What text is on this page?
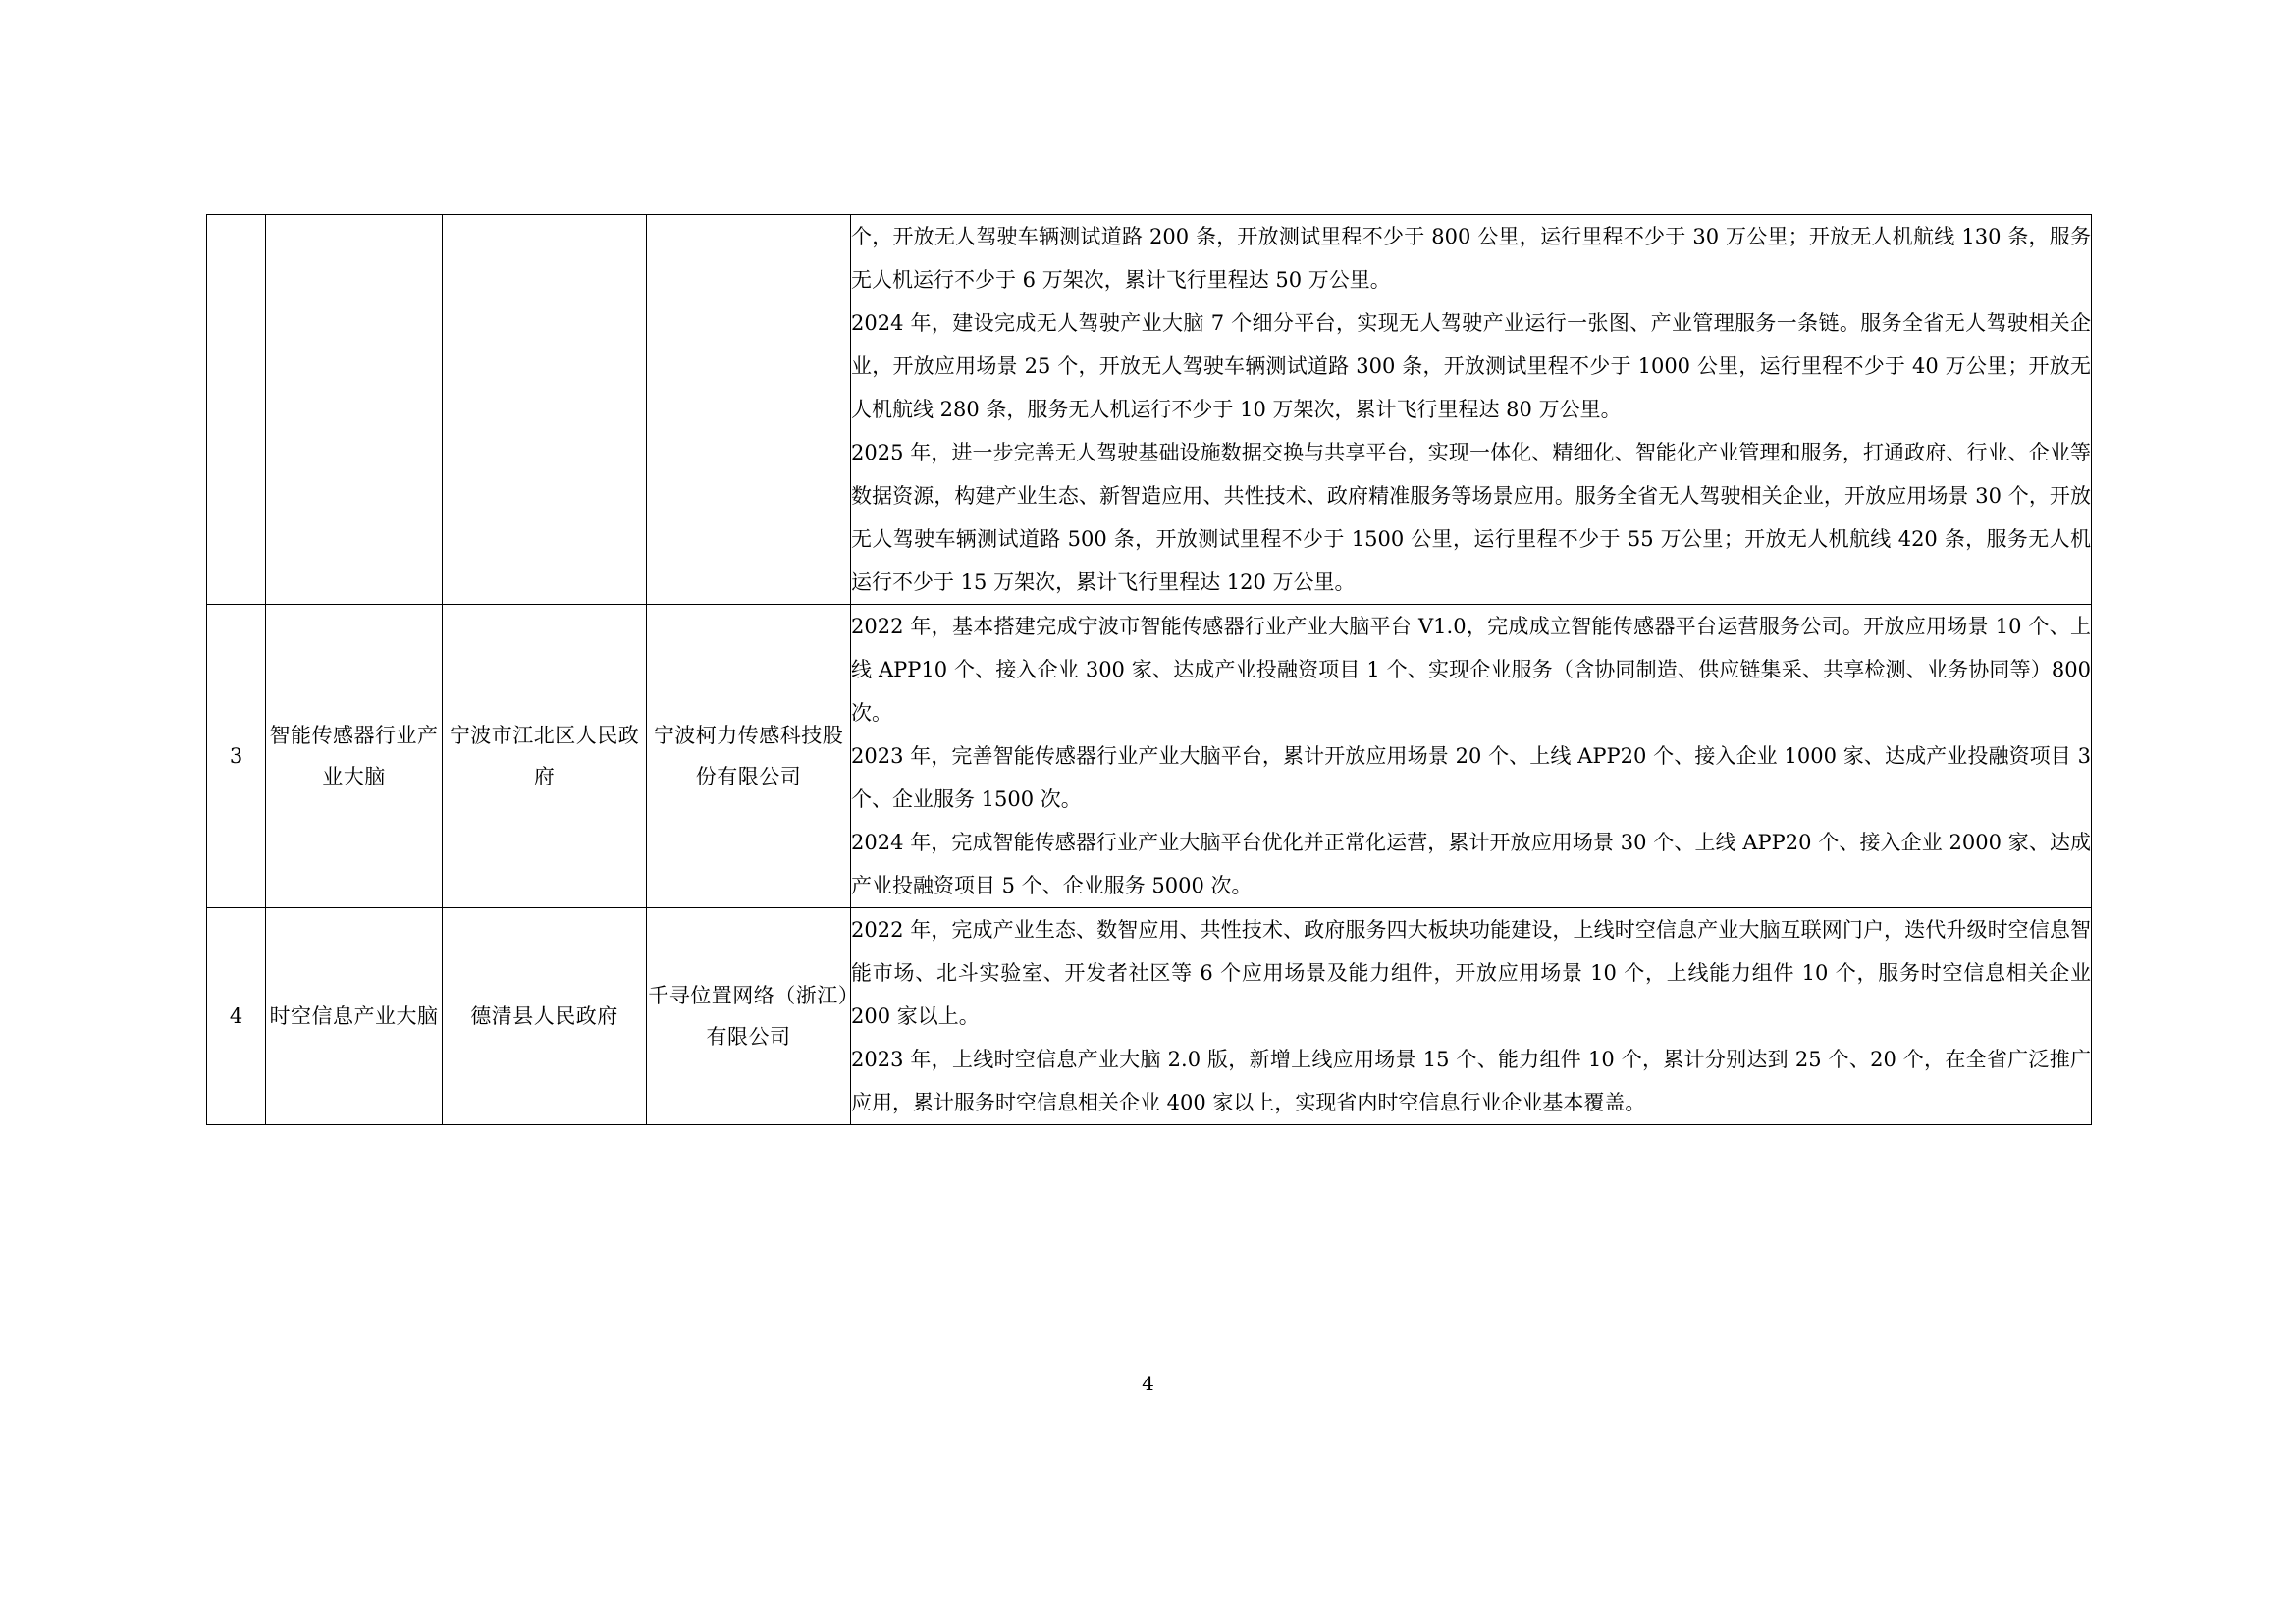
				个，开放无人驾驶车辆测试道路 200 条，开放测试里程不少于 800 公里，运行里程不少于 30 万公里；开放无人机航线 130 条，服务无人机运行不少于 6 万架次，累计飞行里程达 50 万公里。

2024 年，建设完成无人驾驶产业大脑 7 个细分平台，实现无人驾驶产业运行一张图、产业管理服务一条链。服务全省无人驾驶相关企业，开放应用场景 25 个，开放无人驾驶车辆测试道路 300 条，开放测试里程不少于 1000 公里，运行里程不少于 40 万公里；开放无人机航线 280 条，服务无人机运行不少于 10 万架次，累计飞行里程达 80 万公里。

2025 年，进一步完善无人驾驶基础设施数据交换与共享平台，实现一体化、精细化、智能化产业管理和服务，打通政府、行业、企业等数据资源，构建产业生态、新智造应用、共性技术、政府精准服务等场景应用。服务全省无人驾驶相关企业，开放应用场景 30 个，开放无人驾驶车辆测试道路 500 条，开放测试里程不少于 1500 公里，运行里程不少于 55 万公里；开放无人机航线 420 条，服务无人机运行不少于 15 万架次，累计飞行里程达 120 万公里。

3	智能传感器行业产业大脑	宁波市江北区人民政府	宁波柯力传感科技股份有限公司	2022 年，基本搭建完成宁波市智能传感器行业产业大脑平台 V1.0，完成成立智能传感器平台运营服务公司。开放应用场景 10 个、上线 APP10 个、接入企业 300 家、达成产业投融资项目 1 个、实现企业服务（含协同制造、供应链集采、共享检测、业务协同等）800 次。

2023 年，完善智能传感器行业产业大脑平台，累计开放应用场景 20 个、上线 APP20 个、接入企业 1000 家、达成产业投融资项目 3 个、企业服务 1500 次。

2024 年，完成智能传感器行业产业大脑平台优化并正常化运营，累计开放应用场景 30 个、上线 APP20 个、接入企业 2000 家、达成产业投融资项目 5 个、企业服务 5000 次。

4	时空信息产业大脑	德清县人民政府	千寻位置网络（浙江）有限公司	2022 年，完成产业生态、数智应用、共性技术、政府服务四大板块功能建设，上线时空信息产业大脑互联网门户，迭代升级时空信息智能市场、北斗实验室、开发者社区等 6 个应用场景及能力组件，开放应用场景 10 个，上线能力组件 10 个，服务时空信息相关企业 200 家以上。

2023 年，上线时空信息产业大脑 2.0 版，新增上线应用场景 15 个、能力组件 10 个，累计分别达到 25 个、20 个，在全省广泛推广应用，累计服务时空信息相关企业 400 家以上，实现省内时空信息行业企业基本覆盖。

4
